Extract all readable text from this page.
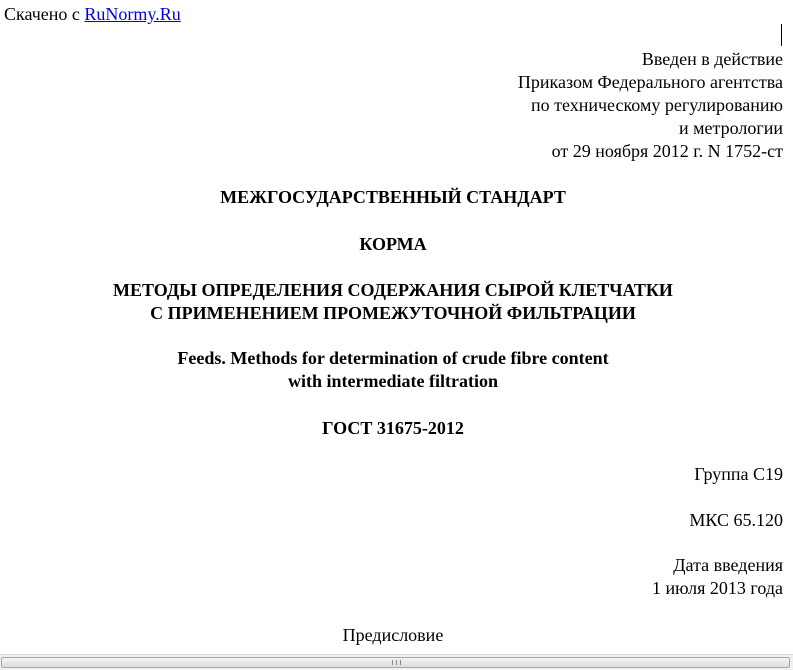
Скачено с RuNormy.Ru
Введен в действие
Приказом Федерального агентства
по техническому регулированию
и метрологии
от 29 ноября 2012 г. N 1752-ст
МЕЖГОСУДАРСТВЕННЫЙ СТАНДАРТ
КОРМА
МЕТОДЫ ОПРЕДЕЛЕНИЯ СОДЕРЖАНИЯ СЫРОЙ КЛЕТЧАТКИ
С ПРИМЕНЕНИЕМ ПРОМЕЖУТОЧНОЙ ФИЛЬТРАЦИИ
Feeds. Methods for determination of crude fibre content
with intermediate filtration
ГОСТ 31675-2012
Группа С19
МКС 65.120
Дата введения
1 июля 2013 года
Предисловие
